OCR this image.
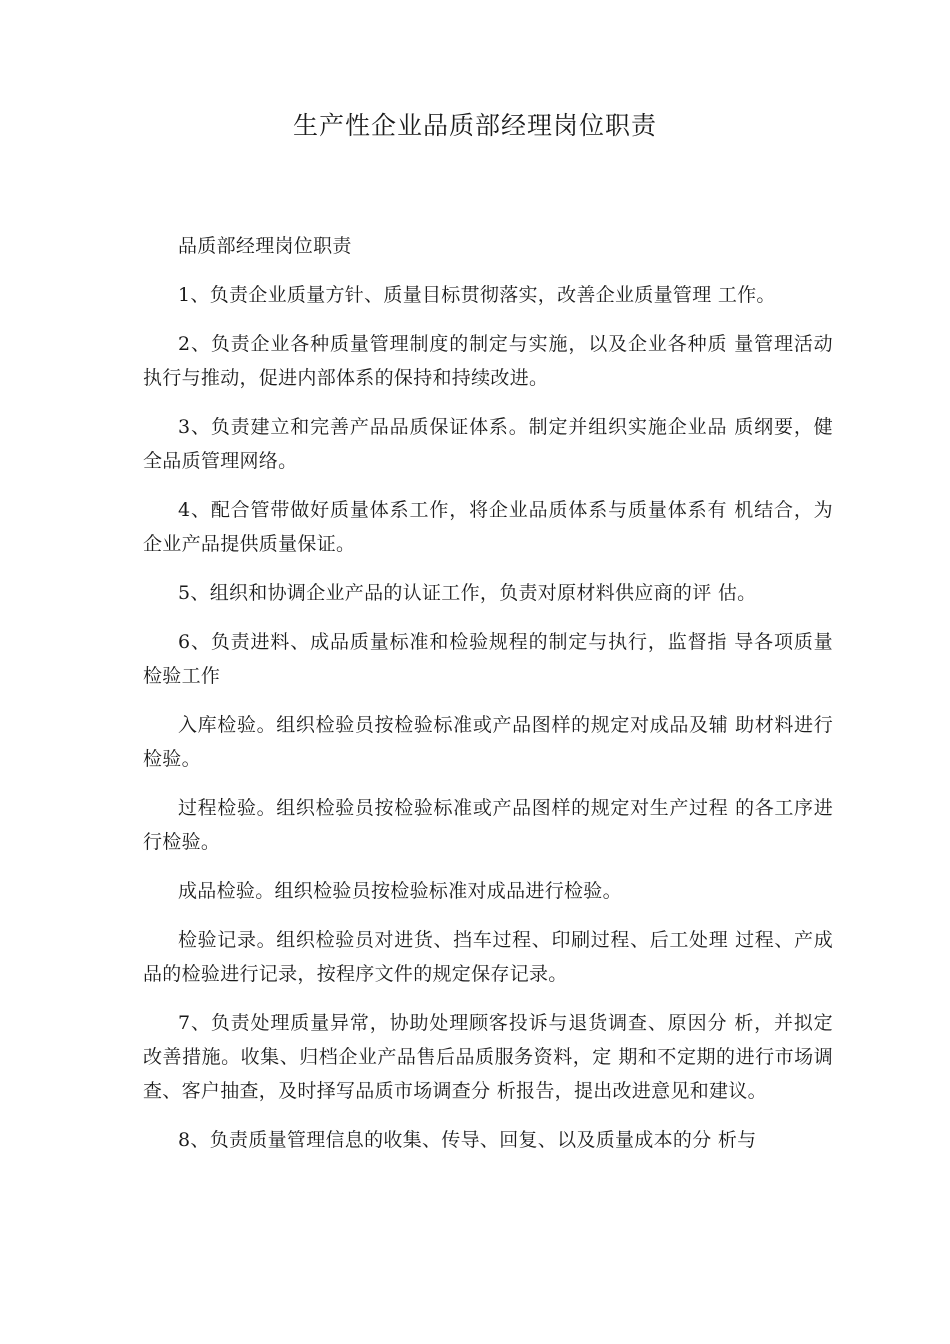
生产性企业品质部经理岗位职责

品质部经理岗位职责

1、负责企业质量方针、质量目标贯彻落实，改善企业质量管理 工作。

2、负责企业各种质量管理制度的制定与实施，以及企业各种质 量管理活动执行与推动，促进内部体系的保持和持续改进。

3、负责建立和完善产品品质保证体系。制定并组织实施企业品 质纲要，健全品质管理网络。

4、配合管带做好质量体系工作，将企业品质体系与质量体系有 机结合，为企业产品提供质量保证。

5、组织和协调企业产品的认证工作，负责对原材料供应商的评 估。

6、负责进料、成品质量标准和检验规程的制定与执行，监督指 导各项质量检验工作

入库检验。组织检验员按检验标准或产品图样的规定对成品及辅 助材料进行检验。

过程检验。组织检验员按检验标准或产品图样的规定对生产过程 的各工序进行检验。

成品检验。组织检验员按检验标准对成品进行检验。

检验记录。组织检验员对进货、挡车过程、印刷过程、后工处理 过程、产成品的检验进行记录，按程序文件的规定保存记录。

7、负责处理质量异常，协助处理顾客投诉与退货调查、原因分 析，并拟定改善措施。收集、归档企业产品售后品质服务资料，定 期和不定期的进行市场调查、客户抽查，及时择写品质市场调查分 析报告，提出改进意见和建议。

8、负责质量管理信息的收集、传导、回复、以及质量成本的分 析与
